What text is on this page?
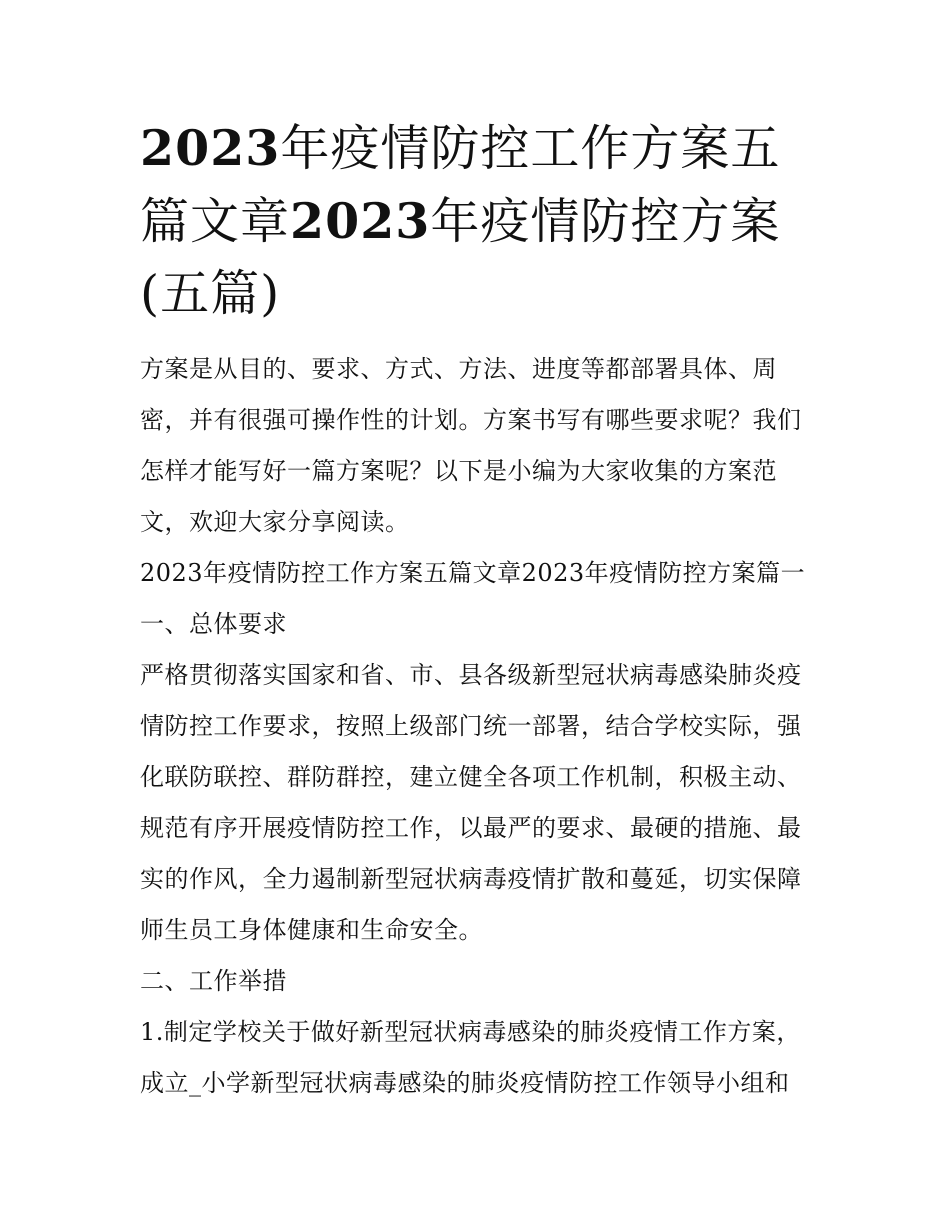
2023年疫情防控工作方案五篇文章2023年疫情防控方案(五篇)

方案是从目的、要求、方式、方法、进度等都部署具体、周密，并有很强可操作性的计划。方案书写有哪些要求呢？我们怎样才能写好一篇方案呢？以下是小编为大家收集的方案范文，欢迎大家分享阅读。

2023年疫情防控工作方案五篇文章2023年疫情防控方案篇一

一、总体要求

严格贯彻落实国家和省、市、县各级新型冠状病毒感染肺炎疫情防控工作要求，按照上级部门统一部署，结合学校实际，强化联防联控、群防群控，建立健全各项工作机制，积极主动、规范有序开展疫情防控工作，以最严的要求、最硬的措施、最实的作风，全力遏制新型冠状病毒疫情扩散和蔓延，切实保障师生员工身体健康和生命安全。

二、工作举措

1.制定学校关于做好新型冠状病毒感染的肺炎疫情工作方案，成立_小学新型冠状病毒感染的肺炎疫情防控工作领导小组和
